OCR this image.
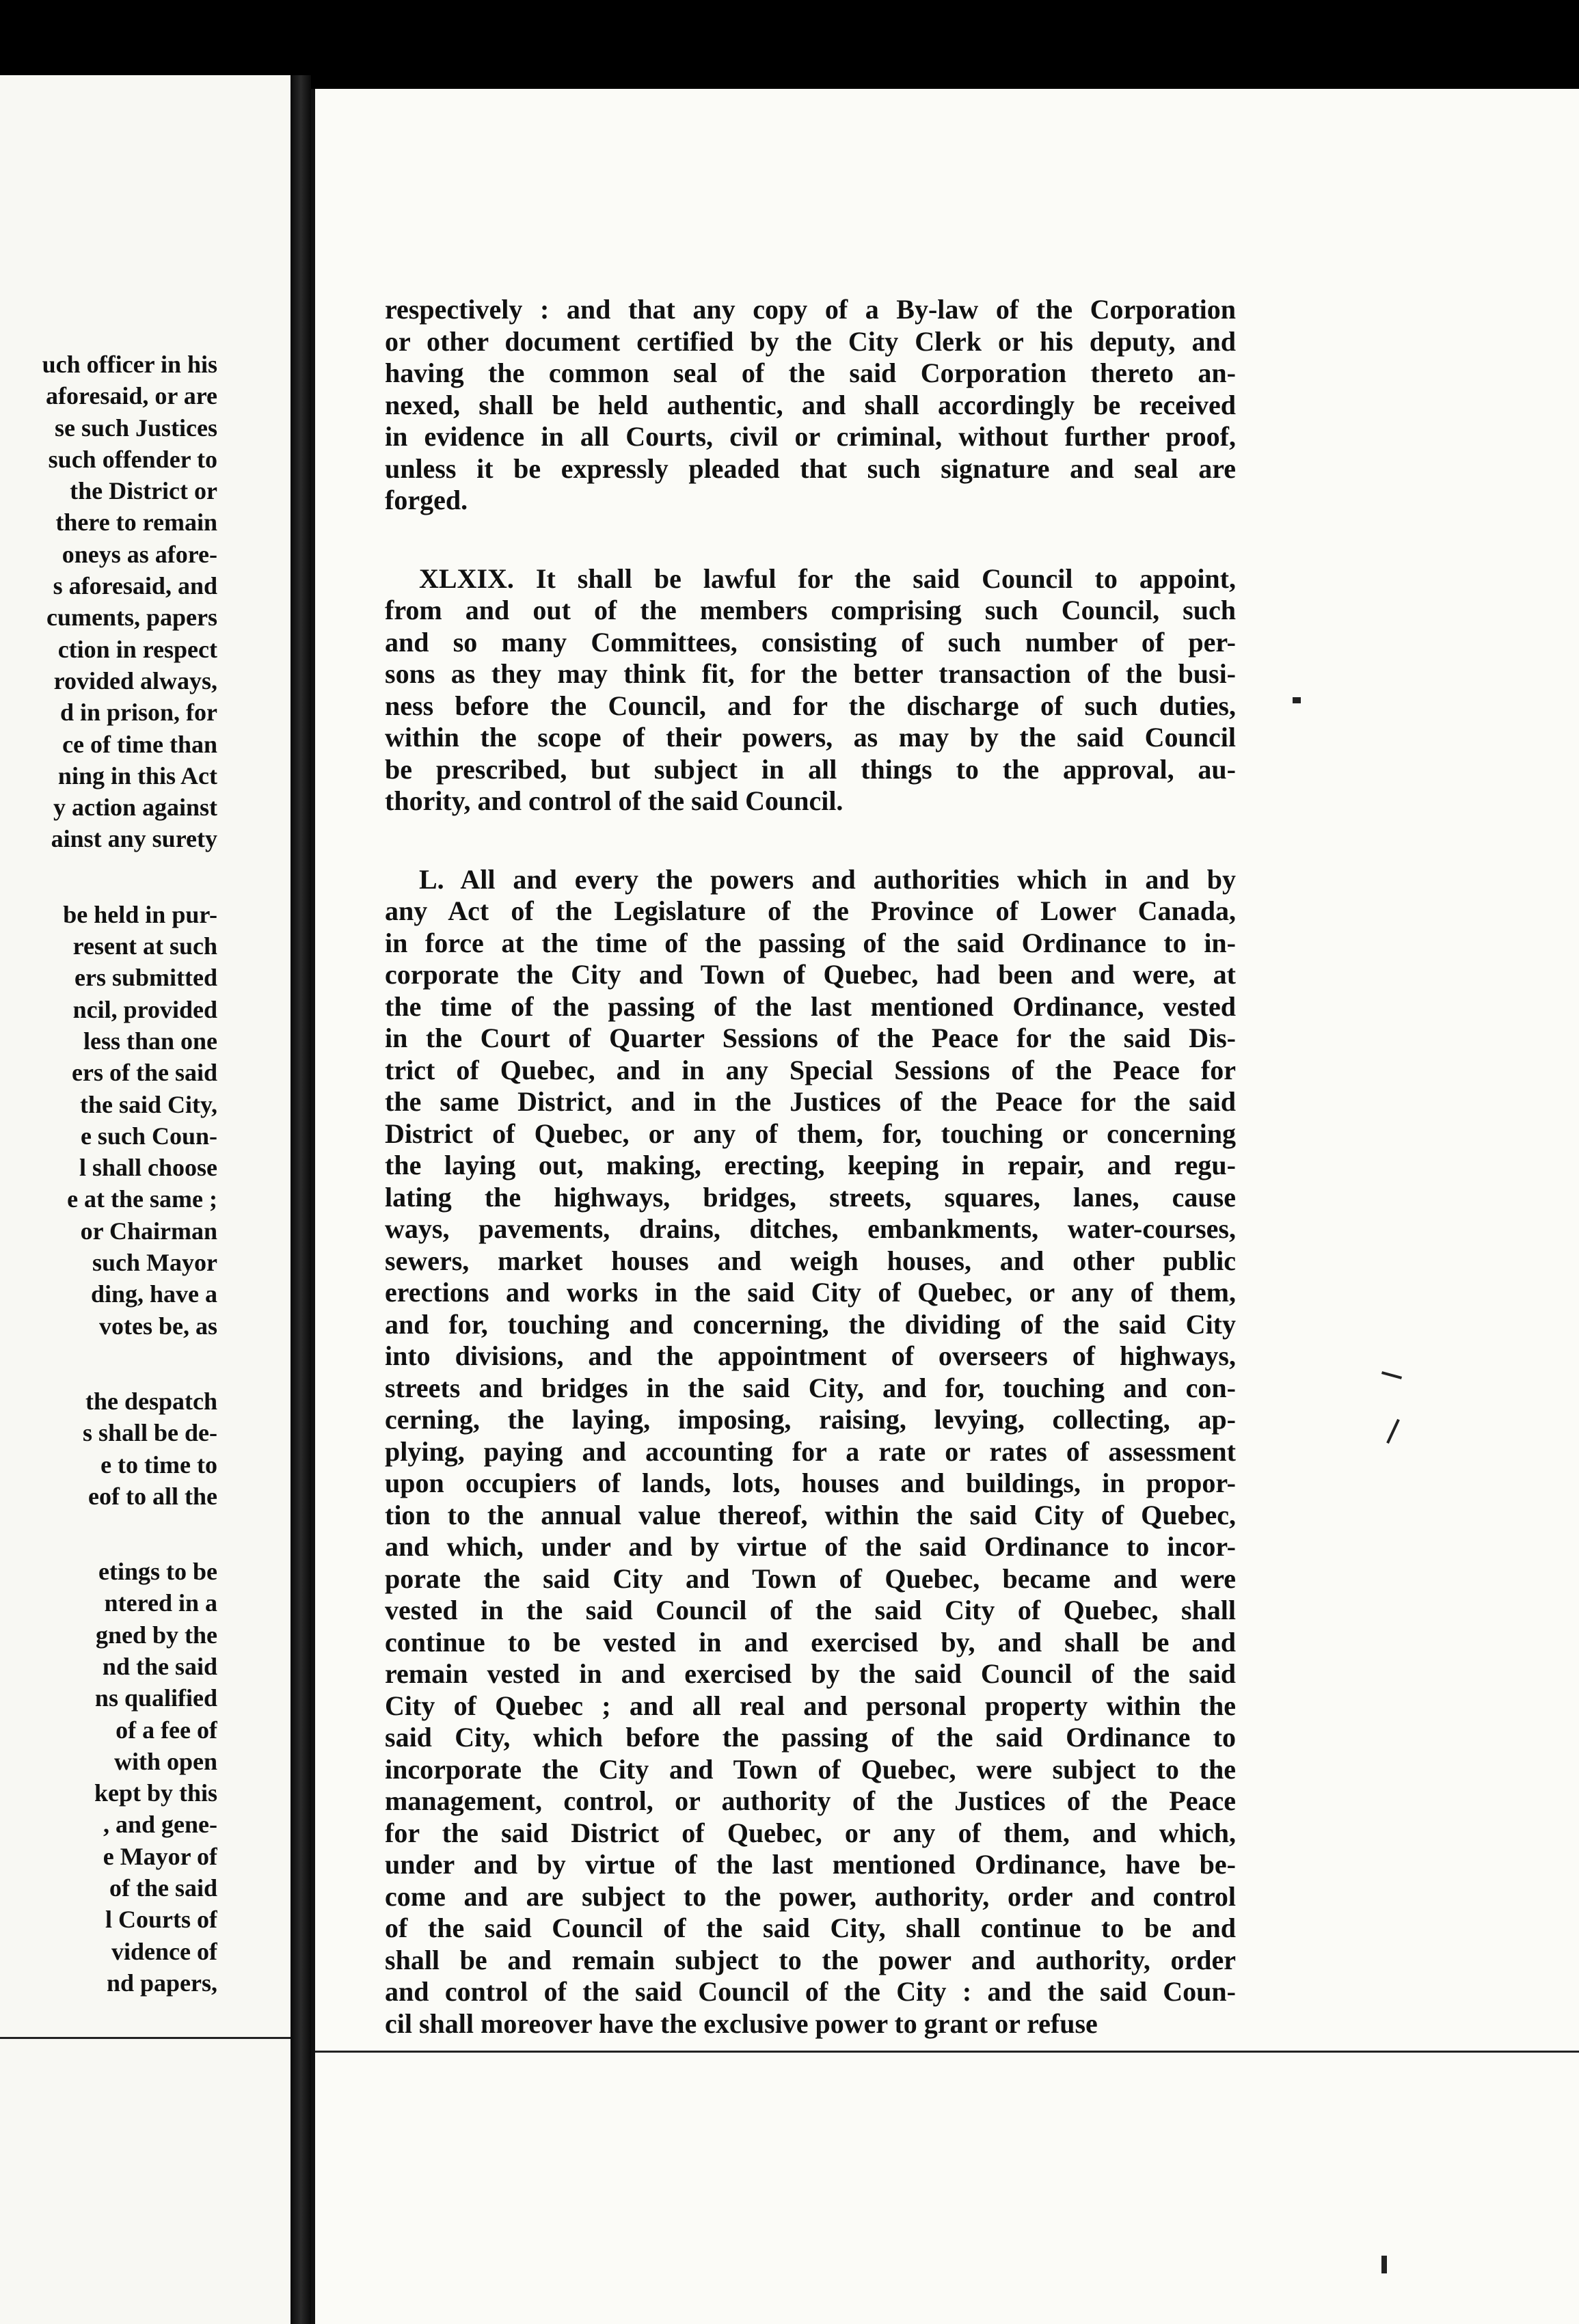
uch officer in his
aforesaid, or are
se such Justices
such offender to
the District or
there to remain
oneys as afore-
s aforesaid, and
cuments, papers
ction in respect
rovided always,
d in prison, for
ce of time than
ning in this Act
y action against
ainst any surety
be held in pur-
resent at such
ers submitted
ncil, provided
less than one
ers of the said
the said City,
e such Coun-
l shall choose
e at the same ;
or Chairman
such Mayor
ding, have a
votes be, as
the despatch
s shall be de-
e to time to
eof to all the
etings to be
ntered in a
gned by the
nd the said
ns qualified
of a fee of
with open
kept by this
, and gene-
e Mayor of
of the said
l Courts of
vidence of
nd papers,
respectively : and that any copy of a By-law of the Corporation
or other document certified by the City Clerk or his deputy, and
having the common seal of the said Corporation thereto an-
nexed, shall be held authentic, and shall accordingly be received
in evidence in all Courts, civil or criminal, without further proof,
unless it be expressly pleaded that such signature and seal are
forged.
XLXIX. It shall be lawful for the said Council to appoint,
from and out of the members comprising such Council, such
and so many Committees, consisting of such number of per-
sons as they may think fit, for the better transaction of the busi-
ness before the Council, and for the discharge of such duties,
within the scope of their powers, as may by the said Council
be prescribed, but subject in all things to the approval, au-
thority, and control of the said Council.
L. All and every the powers and authorities which in and by
any Act of the Legislature of the Province of Lower Canada,
in force at the time of the passing of the said Ordinance to in-
corporate the City and Town of Quebec, had been and were, at
the time of the passing of the last mentioned Ordinance, vested
in the Court of Quarter Sessions of the Peace for the said Dis-
trict of Quebec, and in any Special Sessions of the Peace for
the same District, and in the Justices of the Peace for the said
District of Quebec, or any of them, for, touching or concerning
the laying out, making, erecting, keeping in repair, and regu-
lating the highways, bridges, streets, squares, lanes, cause
ways, pavements, drains, ditches, embankments, water-courses,
sewers, market houses and weigh houses, and other public
erections and works in the said City of Quebec, or any of them,
and for, touching and concerning, the dividing of the said City
into divisions, and the appointment of overseers of highways,
streets and bridges in the said City, and for, touching and con-
cerning, the laying, imposing, raising, levying, collecting, ap-
plying, paying and accounting for a rate or rates of assessment
upon occupiers of lands, lots, houses and buildings, in propor-
tion to the annual value thereof, within the said City of Quebec,
and which, under and by virtue of the said Ordinance to incor-
porate the said City and Town of Quebec, became and were
vested in the said Council of the said City of Quebec, shall
continue to be vested in and exercised by, and shall be and
remain vested in and exercised by the said Council of the said
City of Quebec ; and all real and personal property within the
said City, which before the passing of the said Ordinance to
incorporate the City and Town of Quebec, were subject to the
management, control, or authority of the Justices of the Peace
for the said District of Quebec, or any of them, and which,
under and by virtue of the last mentioned Ordinance, have be-
come and are subject to the power, authority, order and control
of the said Council of the said City, shall continue to be and
shall be and remain subject to the power and authority, order
and control of the said Council of the City : and the said Coun-
cil shall moreover have the exclusive power to grant or refuse
